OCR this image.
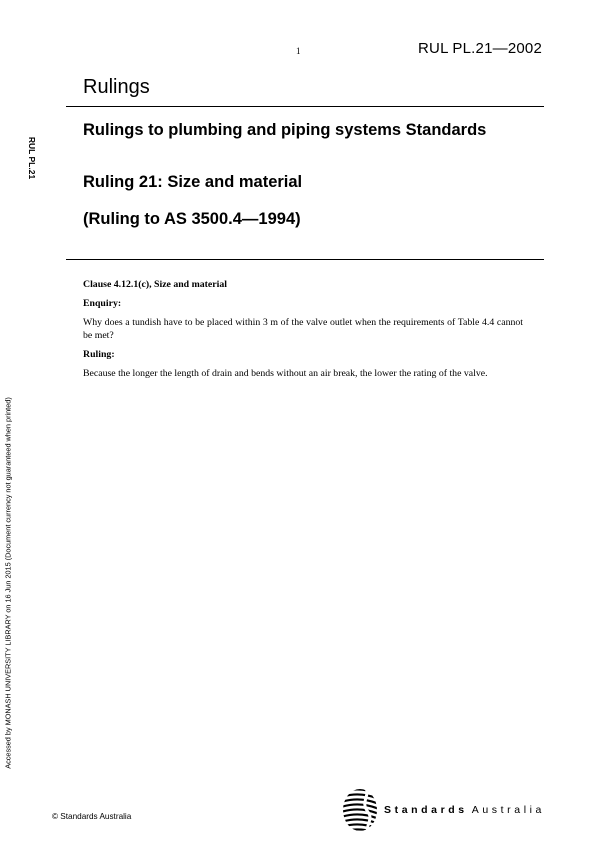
1	RUL PL.21—2002
Rulings
RUL PL.21
Accessed by MONASH UNIVERSITY LIBRARY on 16 Jun 2015 (Document currency not guaranteed when printed)
Rulings to plumbing and piping systems Standards
Ruling 21: Size and material
(Ruling to AS 3500.4—1994)
Clause 4.12.1(c), Size and material
Enquiry:
Why does a tundish have to be placed within 3 m of the valve outlet when the requirements of Table 4.4 cannot be met?
Ruling:
Because the longer the length of drain and bends without an air break, the lower the rating of the valve.
© Standards Australia
Standards Australia
